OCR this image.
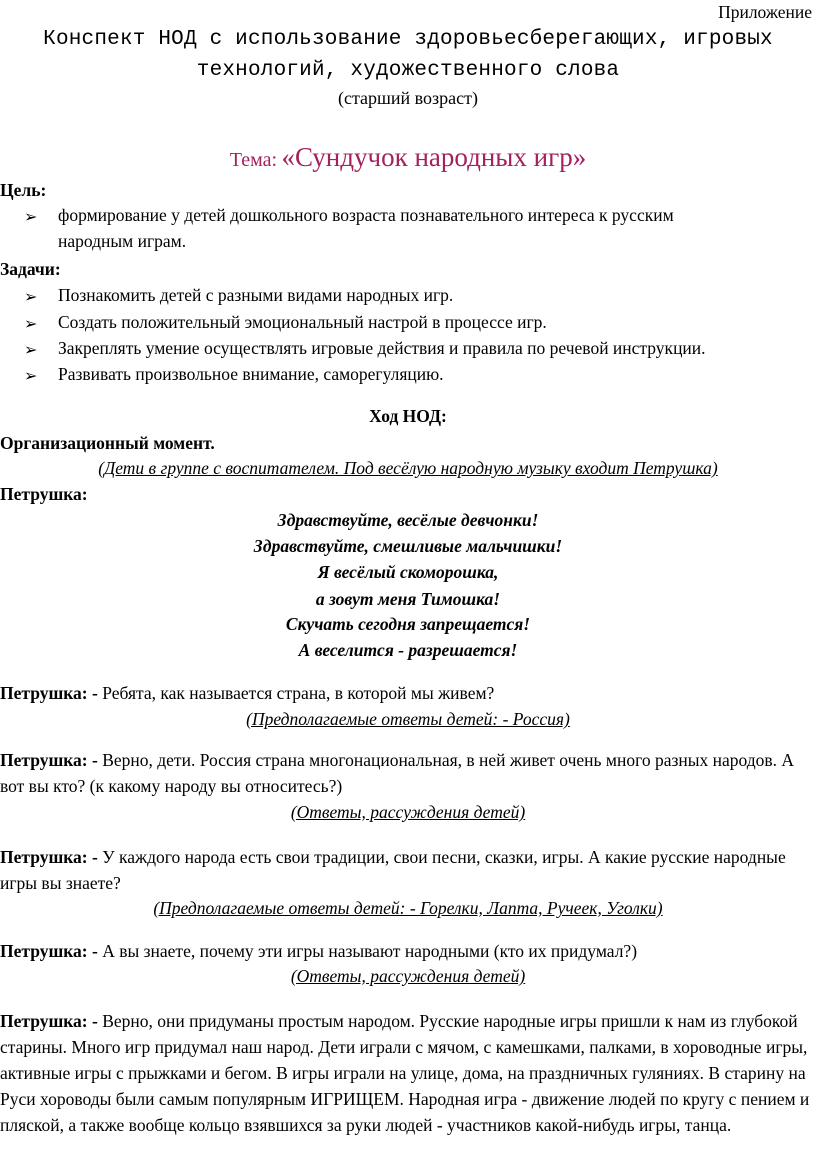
Приложение
Конспект НОД с использование здоровьесберегающих, игровых
технологий, художественного слова
(старший возраст)
Тема: «Сундучок народных игр»
Цель:
➢ формирование у детей дошкольного возраста познавательного интереса к русским
народным играм.
Задачи:
➢ Познакомить детей с разными видами народных игр.
➢ Создать положительный эмоциональный настрой в процессе игр.
➢ Закреплять умение осуществлять игровые действия и правила по речевой инструкции.
➢ Развивать произвольное внимание, саморегуляцию.
Ход НОД:
Организационный момент.
(Дети в группе с воспитателем. Под весёлую народную музыку входит Петрушка)
Петрушка:
Здравствуйте, весёлые девчонки!
Здравствуйте, смешливые мальчишки!
Я весёлый скоморошка,
а зовут меня Тимошка!
Скучать сегодня запрещается!
А веселится - разрешается!
Петрушка: - Ребята, как называется страна, в которой мы живем?
(Предполагаемые ответы детей: - Россия)
Петрушка: - Верно, дети. Россия страна многонациональная, в ней живет очень много разных народов. А вот вы кто? (к какому народу вы относитесь?)
(Ответы, рассуждения детей)
Петрушка: - У каждого народа есть свои традиции, свои песни, сказки, игры. А какие русские народные игры вы знаете?
(Предполагаемые ответы детей: - Горелки, Лапта, Ручеек, Уголки)
Петрушка: - А вы знаете, почему эти игры называют народными (кто их придумал?)
(Ответы, рассуждения детей)
Петрушка: - Верно, они придуманы простым народом. Русские народные игры пришли к нам из глубокой старины. Много игр придумал наш народ. Дети играли с мячом, с камешками, палками, в хороводные игры, активные игры с прыжками и бегом. В игры играли на улице, дома, на праздничных гуляниях. В старину на Руси хороводы были самым популярным ИГРИЩЕМ. Народная игра - движение людей по кругу с пением и пляской, а также вообще кольцо взявшихся за руки людей - участников какой-нибудь игры, танца.
